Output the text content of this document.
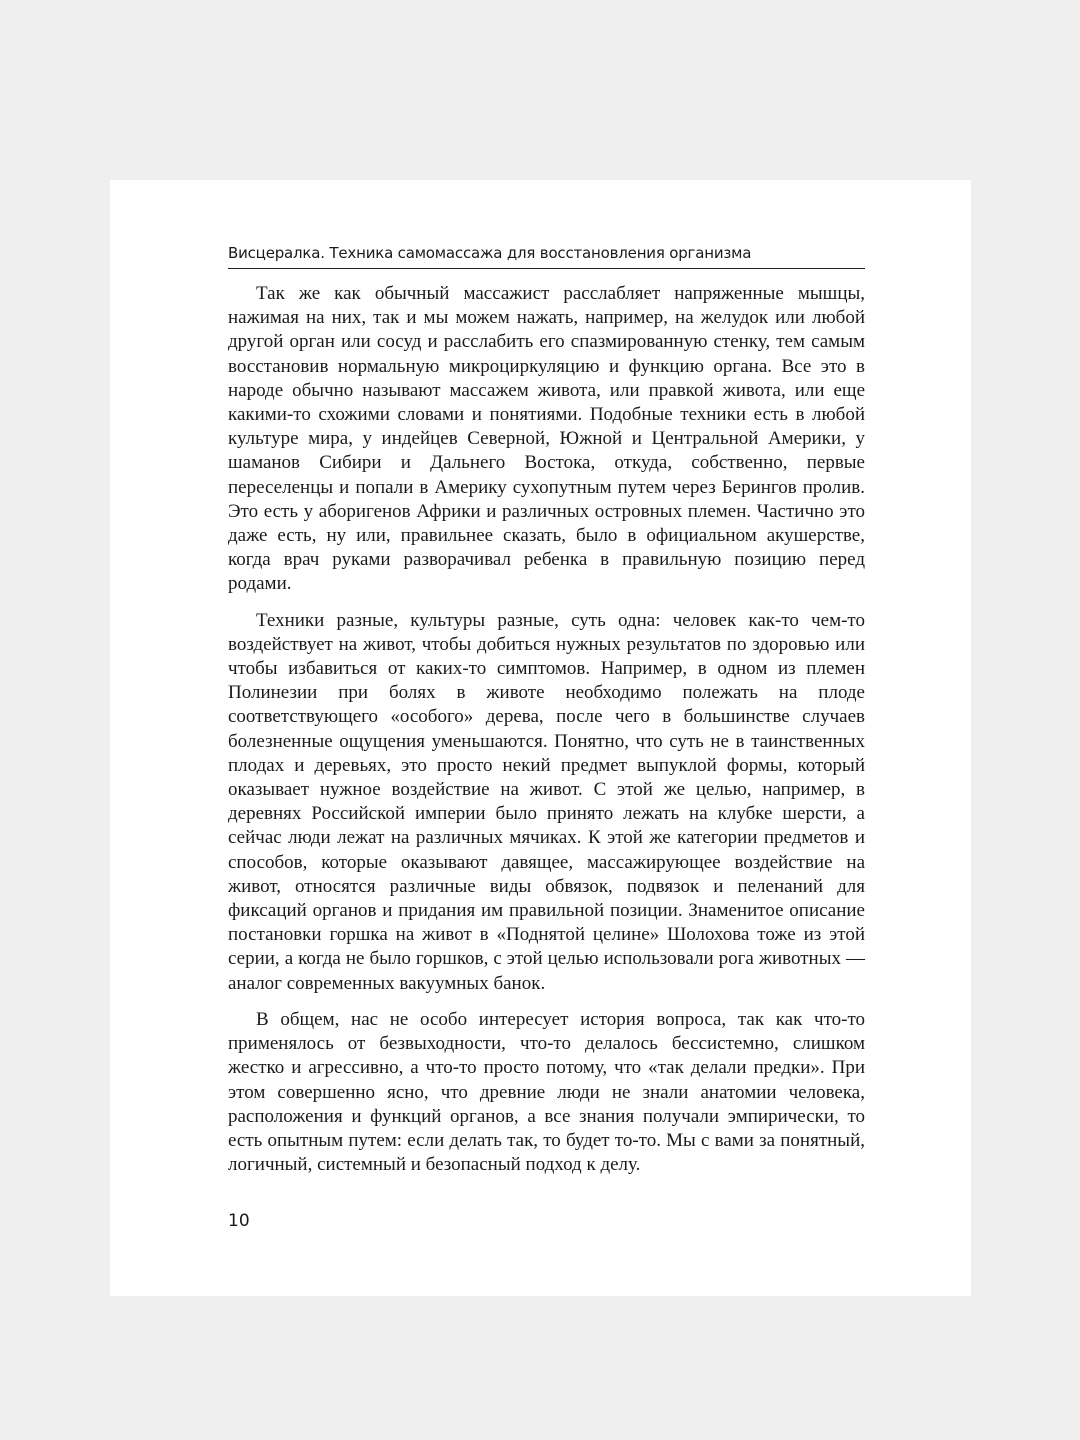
Висцералка. Техника самомассажа для восстановления организма

Так же как обычный массажист расслабляет напряженные мышцы, нажимая на них, так и мы можем нажать, например, на желудок или любой другой орган или сосуд и расслабить его спазмированную стенку, тем самым восстановив нормальную микроциркуляцию и функцию органа. Все это в народе обычно называют массажем живота, или правкой живота, или еще какими-то схожими словами и понятиями. Подобные техники есть в любой культуре мира, у индейцев Северной, Южной и Центральной Америки, у шаманов Сибири и Дальнего Востока, откуда, собственно, первые переселенцы и попали в Америку сухопутным путем через Берингов пролив. Это есть у аборигенов Африки и различных островных племен. Частично это даже есть, ну или, правильнее сказать, было в официальном акушерстве, когда врач руками разворачивал ребенка в правильную позицию перед родами.

Техники разные, культуры разные, суть одна: человек как-то чем-то воздействует на живот, чтобы добиться нужных результатов по здоровью или чтобы избавиться от каких-то симптомов. Например, в одном из племен Полинезии при болях в животе необходимо полежать на плоде соответствующего «особого» дерева, после чего в большинстве случаев болезненные ощущения уменьшаются. Понятно, что суть не в таинственных плодах и деревьях, это просто некий предмет выпуклой формы, который оказывает нужное воздействие на живот. С этой же целью, например, в деревнях Российской империи было принято лежать на клубке шерсти, а сейчас люди лежат на различных мячиках. К этой же категории предметов и способов, которые оказывают давящее, массажирующее воздействие на живот, относятся различные виды обвязок, подвязок и пеленаний для фиксаций органов и придания им правильной позиции. Знаменитое описание постановки горшка на живот в «Поднятой целине» Шолохова тоже из этой серии, а когда не было горшков, с этой целью использовали рога животных — аналог современных вакуумных банок.

В общем, нас не особо интересует история вопроса, так как что-то применялось от безвыходности, что-то делалось бессистемно, слишком жестко и агрессивно, а что-то просто потому, что «так делали предки». При этом совершенно ясно, что древние люди не знали анатомии человека, расположения и функций органов, а все знания получали эмпирически, то есть опытным путем: если делать так, то будет то-то. Мы с вами за понятный, логичный, системный и безопасный подход к делу.

10
